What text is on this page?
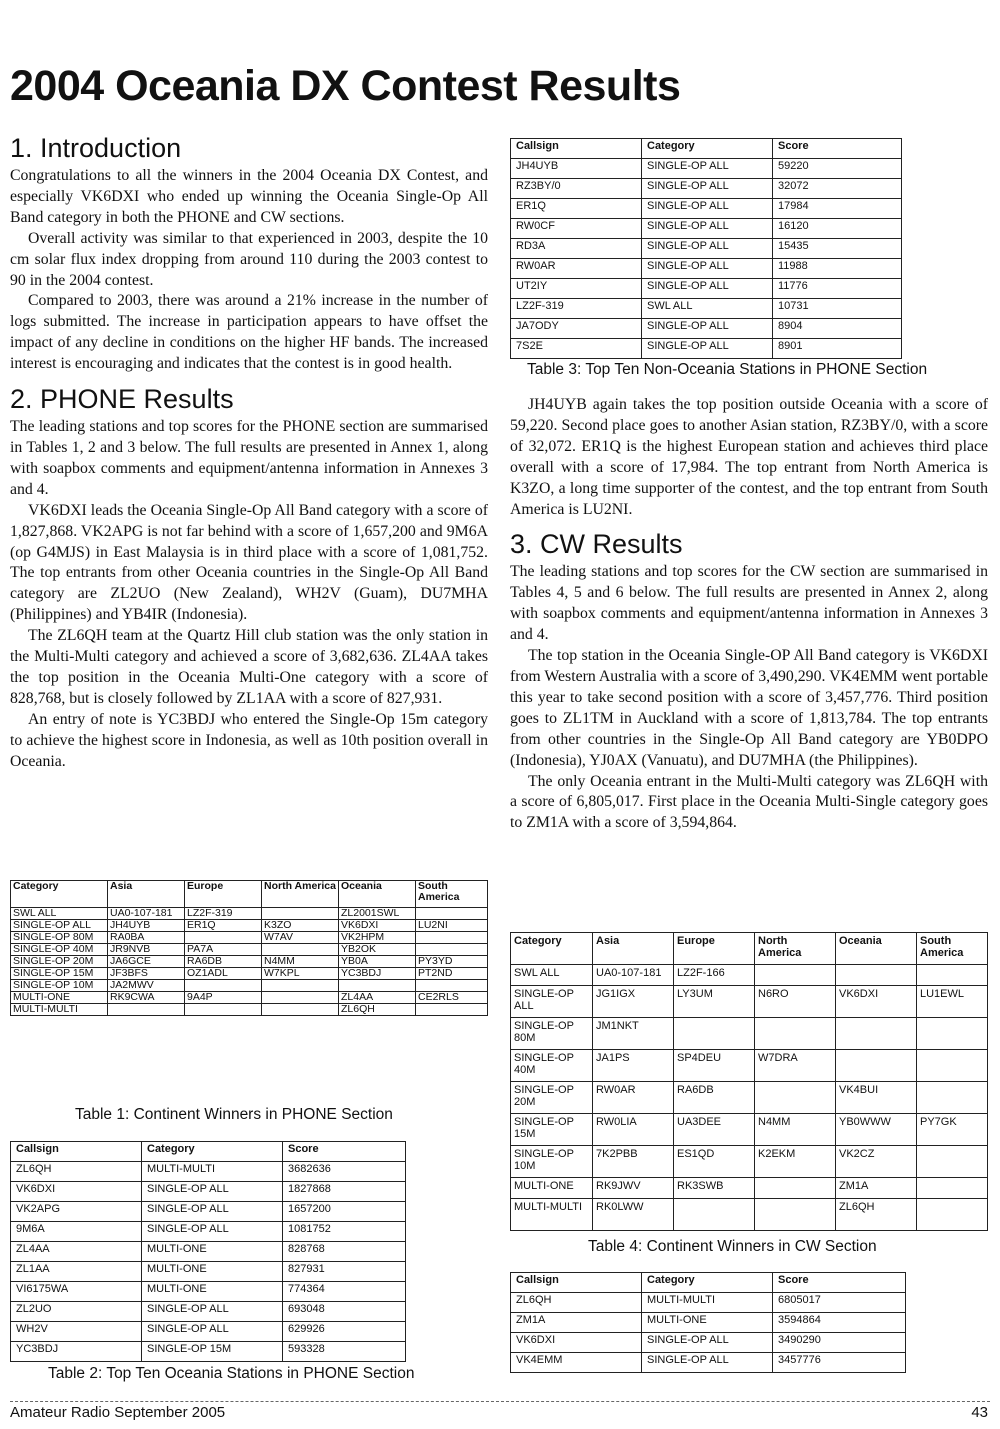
2004 Oceania DX Contest Results
1. Introduction

Congratulations to all the winners in the 2004 Oceania DX Contest, and especially VK6DXI who ended up winning the Oceania Single-Op All Band category in both the PHONE and CW sections.

Overall activity was similar to that experienced in 2003, despite the 10 cm solar flux index dropping from around 110 during the 2003 contest to 90 in the 2004 contest.

Compared to 2003, there was around a 21% increase in the number of logs submitted. The increase in participation appears to have offset the impact of any decline in conditions on the higher HF bands. The increased interest is encouraging and indicates that the contest is in good health.

2. PHONE Results

The leading stations and top scores for the PHONE section are summarised in Tables 1, 2 and 3 below. The full results are presented in Annex 1, along with soapbox comments and equipment/antenna information in Annexes 3 and 4.

VK6DXI leads the Oceania Single-Op All Band category with a score of 1,827,868. VK2APG is not far behind with a score of 1,657,200 and 9M6A (op G4MJS) in East Malaysia is in third place with a score of 1,081,752. The top entrants from other Oceania countries in the Single-Op All Band category are ZL2UO (New Zealand), WH2V (Guam), DU7MHA (Philippines) and YB4IR (Indonesia).

The ZL6QH team at the Quartz Hill club station was the only station in the Multi-Multi category and achieved a score of 3,682,636. ZL4AA takes the top position in the Oceania Multi-One category with a score of 828,768, but is closely followed by ZL1AA with a score of 827,931.

An entry of note is YC3BDJ who entered the Single-Op 15m category to achieve the highest score in Indonesia, as well as 10th position overall in Oceania.

JH4UYB again takes the top position outside Oceania with a score of 59,220. Second place goes to another Asian station, RZ3BY/0, with a score of 32,072. ER1Q is the highest European station and achieves third place overall with a score of 17,984. The top entrant from North America is K3ZO, a long time supporter of the contest, and the top entrant from South America is LU2NI.

3. CW Results

The leading stations and top scores for the CW section are summarised in Tables 4, 5 and 6 below. The full results are presented in Annex 2, along with soapbox comments and equipment/antenna information in Annexes 3 and 4.

The top station in the Oceania Single-OP All Band category is VK6DXI from Western Australia with a score of 3,490,290. VK4EMM went portable this year to take second position with a score of 3,457,776. Third position goes to ZL1TM in Auckland with a score of 1,813,784. The top entrants from other countries in the Single-Op All Band category are YB0DPO (Indonesia), YJ0AX (Vanuatu), and DU7MHA (the Philippines).

The only Oceania entrant in the Multi-Multi category was ZL6QH with a score of 6,805,017. First place in the Oceania Multi-Single category goes to ZM1A with a score of 3,594,864.

Category	Asia	Europe	North America	Oceania	South America
SWL ALL	UA0-107-181	LZ2F-319		ZL2001SWL	
SINGLE-OP ALL	JH4UYB	ER1Q	K3ZO	VK6DXI	LU2NI
SINGLE-OP 80M	RA0BA		W7AV	VK2HPM	
SINGLE-OP 40M	JR9NVB	PA7A		YB2OK	
SINGLE-OP 20M	JA6GCE	RA6DB	N4MM	YB0A	PY3YD
SINGLE-OP 15M	JF3BFS	OZ1ADL	W7KPL	YC3BDJ	PT2ND
SINGLE-OP 10M	JA2MWV				
MULTI-ONE	RK9CWA	9A4P		ZL4AA	CE2RLS
MULTI-MULTI				ZL6QH	
Table 1: Continent Winners in PHONE Section
Callsign	Category	Score
ZL6QH	MULTI-MULTI	3682636
VK6DXI	SINGLE-OP ALL	1827868
VK2APG	SINGLE-OP ALL	1657200
9M6A	SINGLE-OP ALL	1081752
ZL4AA	MULTI-ONE	828768
ZL1AA	MULTI-ONE	827931
VI6175WA	MULTI-ONE	774364
ZL2UO	SINGLE-OP ALL	693048
WH2V	SINGLE-OP ALL	629926
YC3BDJ	SINGLE-OP 15M	593328
Table 2: Top Ten Oceania Stations in PHONE Section
Callsign	Category	Score
JH4UYB	SINGLE-OP ALL	59220
RZ3BY/0	SINGLE-OP ALL	32072
ER1Q	SINGLE-OP ALL	17984
RW0CF	SINGLE-OP ALL	16120
RD3A	SINGLE-OP ALL	15435
RW0AR	SINGLE-OP ALL	11988
UT2IY	SINGLE-OP ALL	11776
LZ2F-319	SWL ALL	10731
JA7ODY	SINGLE-OP ALL	8904
7S2E	SINGLE-OP ALL	8901
Table 3: Top Ten Non-Oceania Stations in PHONE Section
Category	Asia	Europe	North America	Oceania	South America
SWL ALL	UA0-107-181	LZ2F-166			
SINGLE-OP ALL	JG1IGX	LY3UM	N6RO	VK6DXI	LU1EWL
SINGLE-OP 80M	JM1NKT				
SINGLE-OP 40M	JA1PS	SP4DEU	W7DRA		
SINGLE-OP 20M	RW0AR	RA6DB		VK4BUI	
SINGLE-OP 15M	RW0LIA	UA3DEE	N4MM	YB0WWW	PY7GK
SINGLE-OP 10M	7K2PBB	ES1QD	K2EKM	VK2CZ	
MULTI-ONE	RK9JWV	RK3SWB		ZM1A	
MULTI-MULTI	RK0LWW			ZL6QH	
Table 4: Continent Winners in CW Section
Callsign	Category	Score
ZL6QH	MULTI-MULTI	6805017
ZM1A	MULTI-ONE	3594864
VK6DXI	SINGLE-OP ALL	3490290
VK4EMM	SINGLE-OP ALL	3457776
Amateur Radio September 2005	43
